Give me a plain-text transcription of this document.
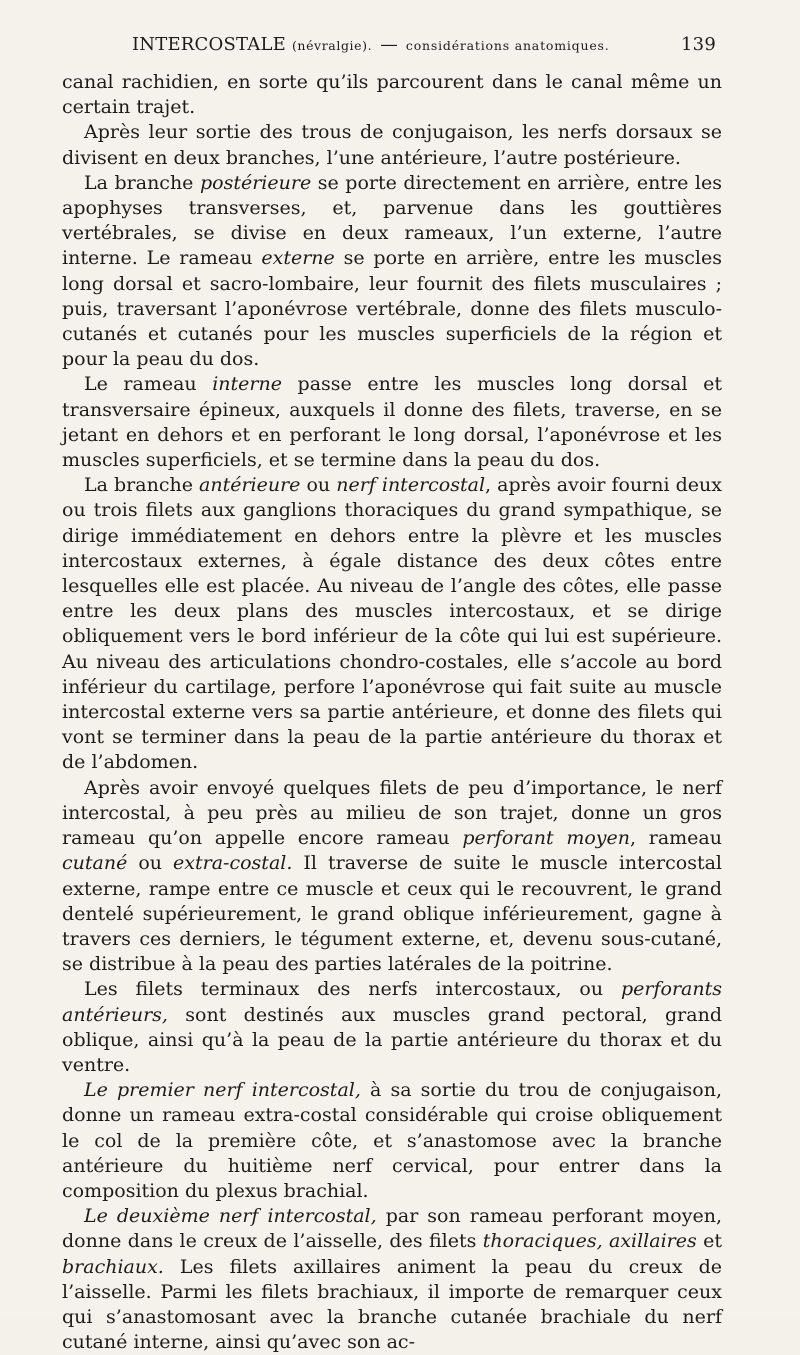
INTERCOSTALE (névralgie). — considérations anatomiques.	139

canal rachidien, en sorte qu’ils parcourent dans le canal même un certain trajet.

Après leur sortie des trous de conjugaison, les nerfs dorsaux se divisent en deux branches, l’une antérieure, l’autre postérieure.

La branche postérieure se porte directement en arrière, entre les apophyses transverses, et, parvenue dans les gouttières vertébrales, se divise en deux rameaux, l’un externe, l’autre interne. Le rameau externe se porte en arrière, entre les muscles long dorsal et sacro-lombaire, leur fournit des filets musculaires ; puis, traversant l’aponévrose vertébrale, donne des filets musculo-cutanés et cutanés pour les muscles superficiels de la région et pour la peau du dos.

Le rameau interne passe entre les muscles long dorsal et transversaire épineux, auxquels il donne des filets, traverse, en se jetant en dehors et en perforant le long dorsal, l’aponévrose et les muscles superficiels, et se termine dans la peau du dos.

La branche antérieure ou nerf intercostal, après avoir fourni deux ou trois filets aux ganglions thoraciques du grand sympathique, se dirige immédiatement en dehors entre la plèvre et les muscles intercostaux externes, à égale distance des deux côtes entre lesquelles elle est placée. Au niveau de l’angle des côtes, elle passe entre les deux plans des muscles intercostaux, et se dirige obliquement vers le bord inférieur de la côte qui lui est supérieure. Au niveau des articulations chondro-costales, elle s’accole au bord inférieur du cartilage, perfore l’aponévrose qui fait suite au muscle intercostal externe vers sa partie antérieure, et donne des filets qui vont se terminer dans la peau de la partie antérieure du thorax et de l’abdomen.

Après avoir envoyé quelques filets de peu d’importance, le nerf intercostal, à peu près au milieu de son trajet, donne un gros rameau qu’on appelle encore rameau perforant moyen, rameau cutané ou extra-costal. Il traverse de suite le muscle intercostal externe, rampe entre ce muscle et ceux qui le recouvrent, le grand dentelé supérieurement, le grand oblique inférieurement, gagne à travers ces derniers, le tégument externe, et, devenu sous-cutané, se distribue à la peau des parties latérales de la poitrine.

Les filets terminaux des nerfs intercostaux, ou perforants antérieurs, sont destinés aux muscles grand pectoral, grand oblique, ainsi qu’à la peau de la partie antérieure du thorax et du ventre.

Le premier nerf intercostal, à sa sortie du trou de conjugaison, donne un rameau extra-costal considérable qui croise obliquement le col de la première côte, et s’anastomose avec la branche antérieure du huitième nerf cervical, pour entrer dans la composition du plexus brachial.

Le deuxième nerf intercostal, par son rameau perforant moyen, donne dans le creux de l’aisselle, des filets thoraciques, axillaires et brachiaux. Les filets axillaires animent la peau du creux de l’aisselle. Parmi les filets brachiaux, il importe de remarquer ceux qui s’anastomosant avec la branche cutanée brachiale du nerf cutané interne, ainsi qu’avec son ac-
